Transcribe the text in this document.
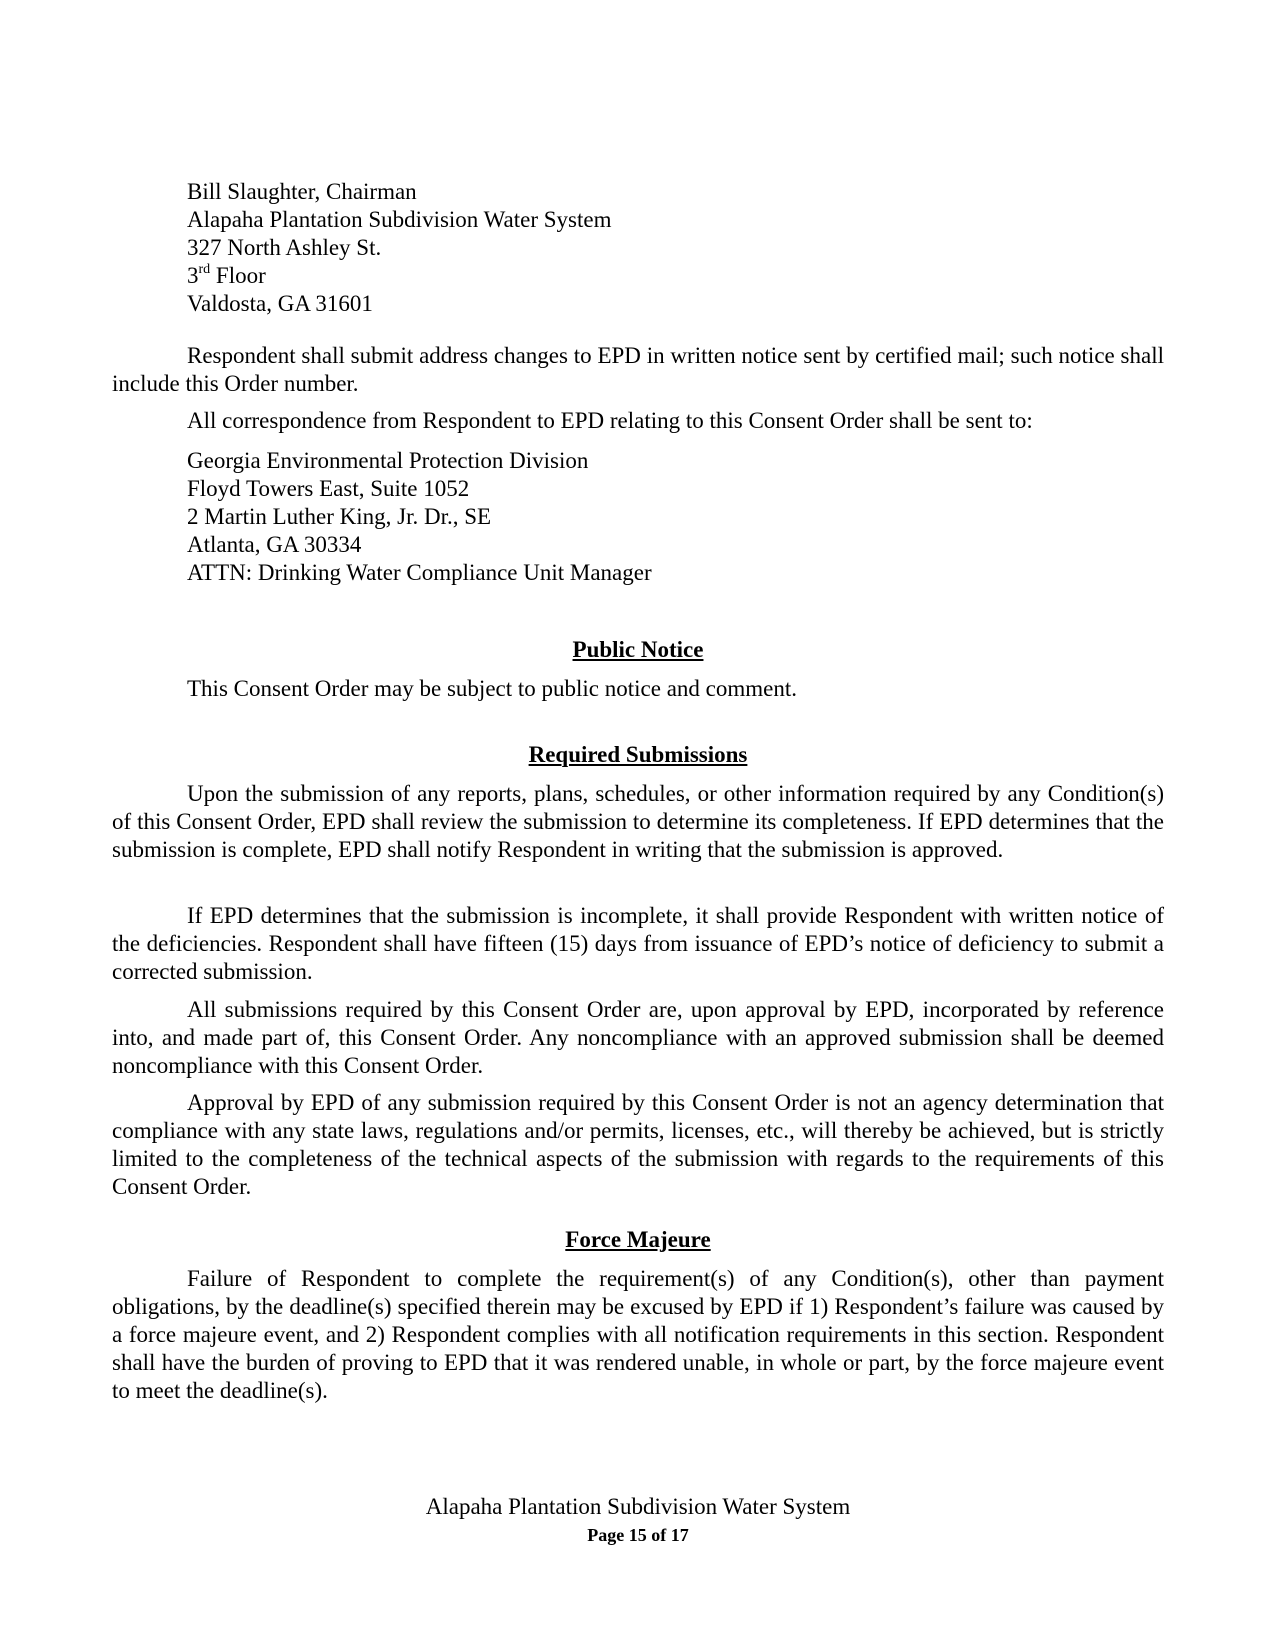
Bill Slaughter, Chairman
Alapaha Plantation Subdivision Water System
327 North Ashley St.
3rd Floor
Valdosta, GA 31601
Respondent shall submit address changes to EPD in written notice sent by certified mail; such notice shall include this Order number.
All correspondence from Respondent to EPD relating to this Consent Order shall be sent to:
Georgia Environmental Protection Division
Floyd Towers East, Suite 1052
2 Martin Luther King, Jr. Dr., SE
Atlanta, GA 30334
ATTN: Drinking Water Compliance Unit Manager
Public Notice
This Consent Order may be subject to public notice and comment.
Required Submissions
Upon the submission of any reports, plans, schedules, or other information required by any Condition(s) of this Consent Order, EPD shall review the submission to determine its completeness. If EPD determines that the submission is complete, EPD shall notify Respondent in writing that the submission is approved.
If EPD determines that the submission is incomplete, it shall provide Respondent with written notice of the deficiencies. Respondent shall have fifteen (15) days from issuance of EPD’s notice of deficiency to submit a corrected submission.
All submissions required by this Consent Order are, upon approval by EPD, incorporated by reference into, and made part of, this Consent Order. Any noncompliance with an approved submission shall be deemed noncompliance with this Consent Order.
Approval by EPD of any submission required by this Consent Order is not an agency determination that compliance with any state laws, regulations and/or permits, licenses, etc., will thereby be achieved, but is strictly limited to the completeness of the technical aspects of the submission with regards to the requirements of this Consent Order.
Force Majeure
Failure of Respondent to complete the requirement(s) of any Condition(s), other than payment obligations, by the deadline(s) specified therein may be excused by EPD if 1) Respondent’s failure was caused by a force majeure event, and 2) Respondent complies with all notification requirements in this section. Respondent shall have the burden of proving to EPD that it was rendered unable, in whole or part, by the force majeure event to meet the deadline(s).
Alapaha Plantation Subdivision Water System
Page 15 of 17
